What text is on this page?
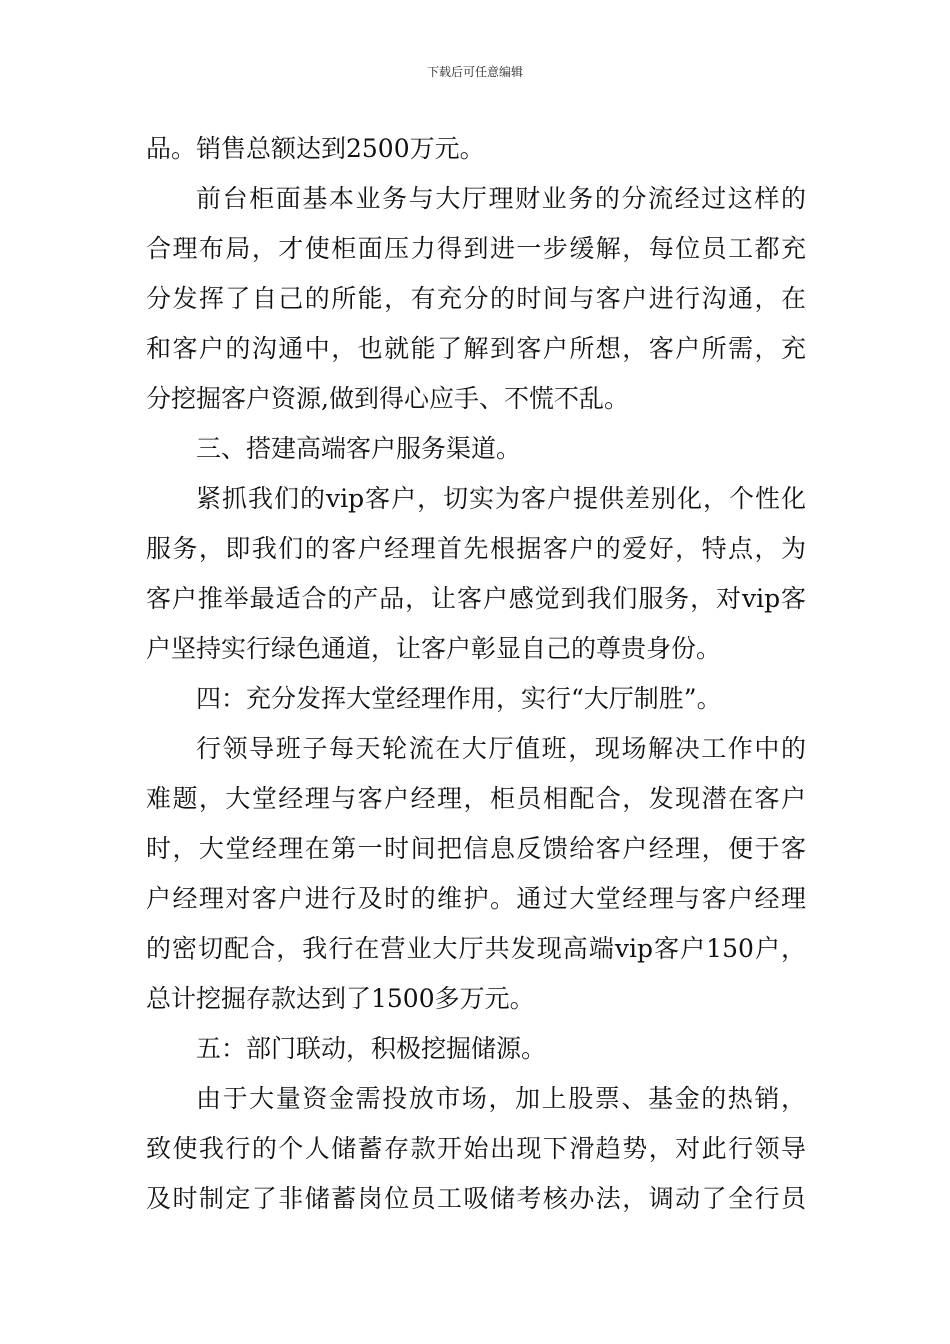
下载后可任意编辑
品。销售总额达到2500万元。
前台柜面基本业务与大厅理财业务的分流经过这样的
合理布局，才使柜面压力得到进一步缓解，每位员工都充
分发挥了自己的所能，有充分的时间与客户进行沟通，在
和客户的沟通中，也就能了解到客户所想，客户所需，充
分挖掘客户资源,做到得心应手、不慌不乱。
三、搭建高端客户服务渠道。
紧抓我们的vip客户，切实为客户提供差别化，个性化
服务，即我们的客户经理首先根据客户的爱好，特点，为
客户推举最适合的产品，让客户感觉到我们服务，对vip客
户坚持实行绿色通道，让客户彰显自己的尊贵身份。
四：充分发挥大堂经理作用，实行“大厅制胜”。
行领导班子每天轮流在大厅值班，现场解决工作中的
难题，大堂经理与客户经理，柜员相配合，发现潜在客户
时，大堂经理在第一时间把信息反馈给客户经理，便于客
户经理对客户进行及时的维护。通过大堂经理与客户经理
的密切配合，我行在营业大厅共发现高端vip客户150户，
总计挖掘存款达到了1500多万元。
五：部门联动，积极挖掘储源。
由于大量资金需投放市场，加上股票、基金的热销，
致使我行的个人储蓄存款开始出现下滑趋势，对此行领导
及时制定了非储蓄岗位员工吸储考核办法，调动了全行员
